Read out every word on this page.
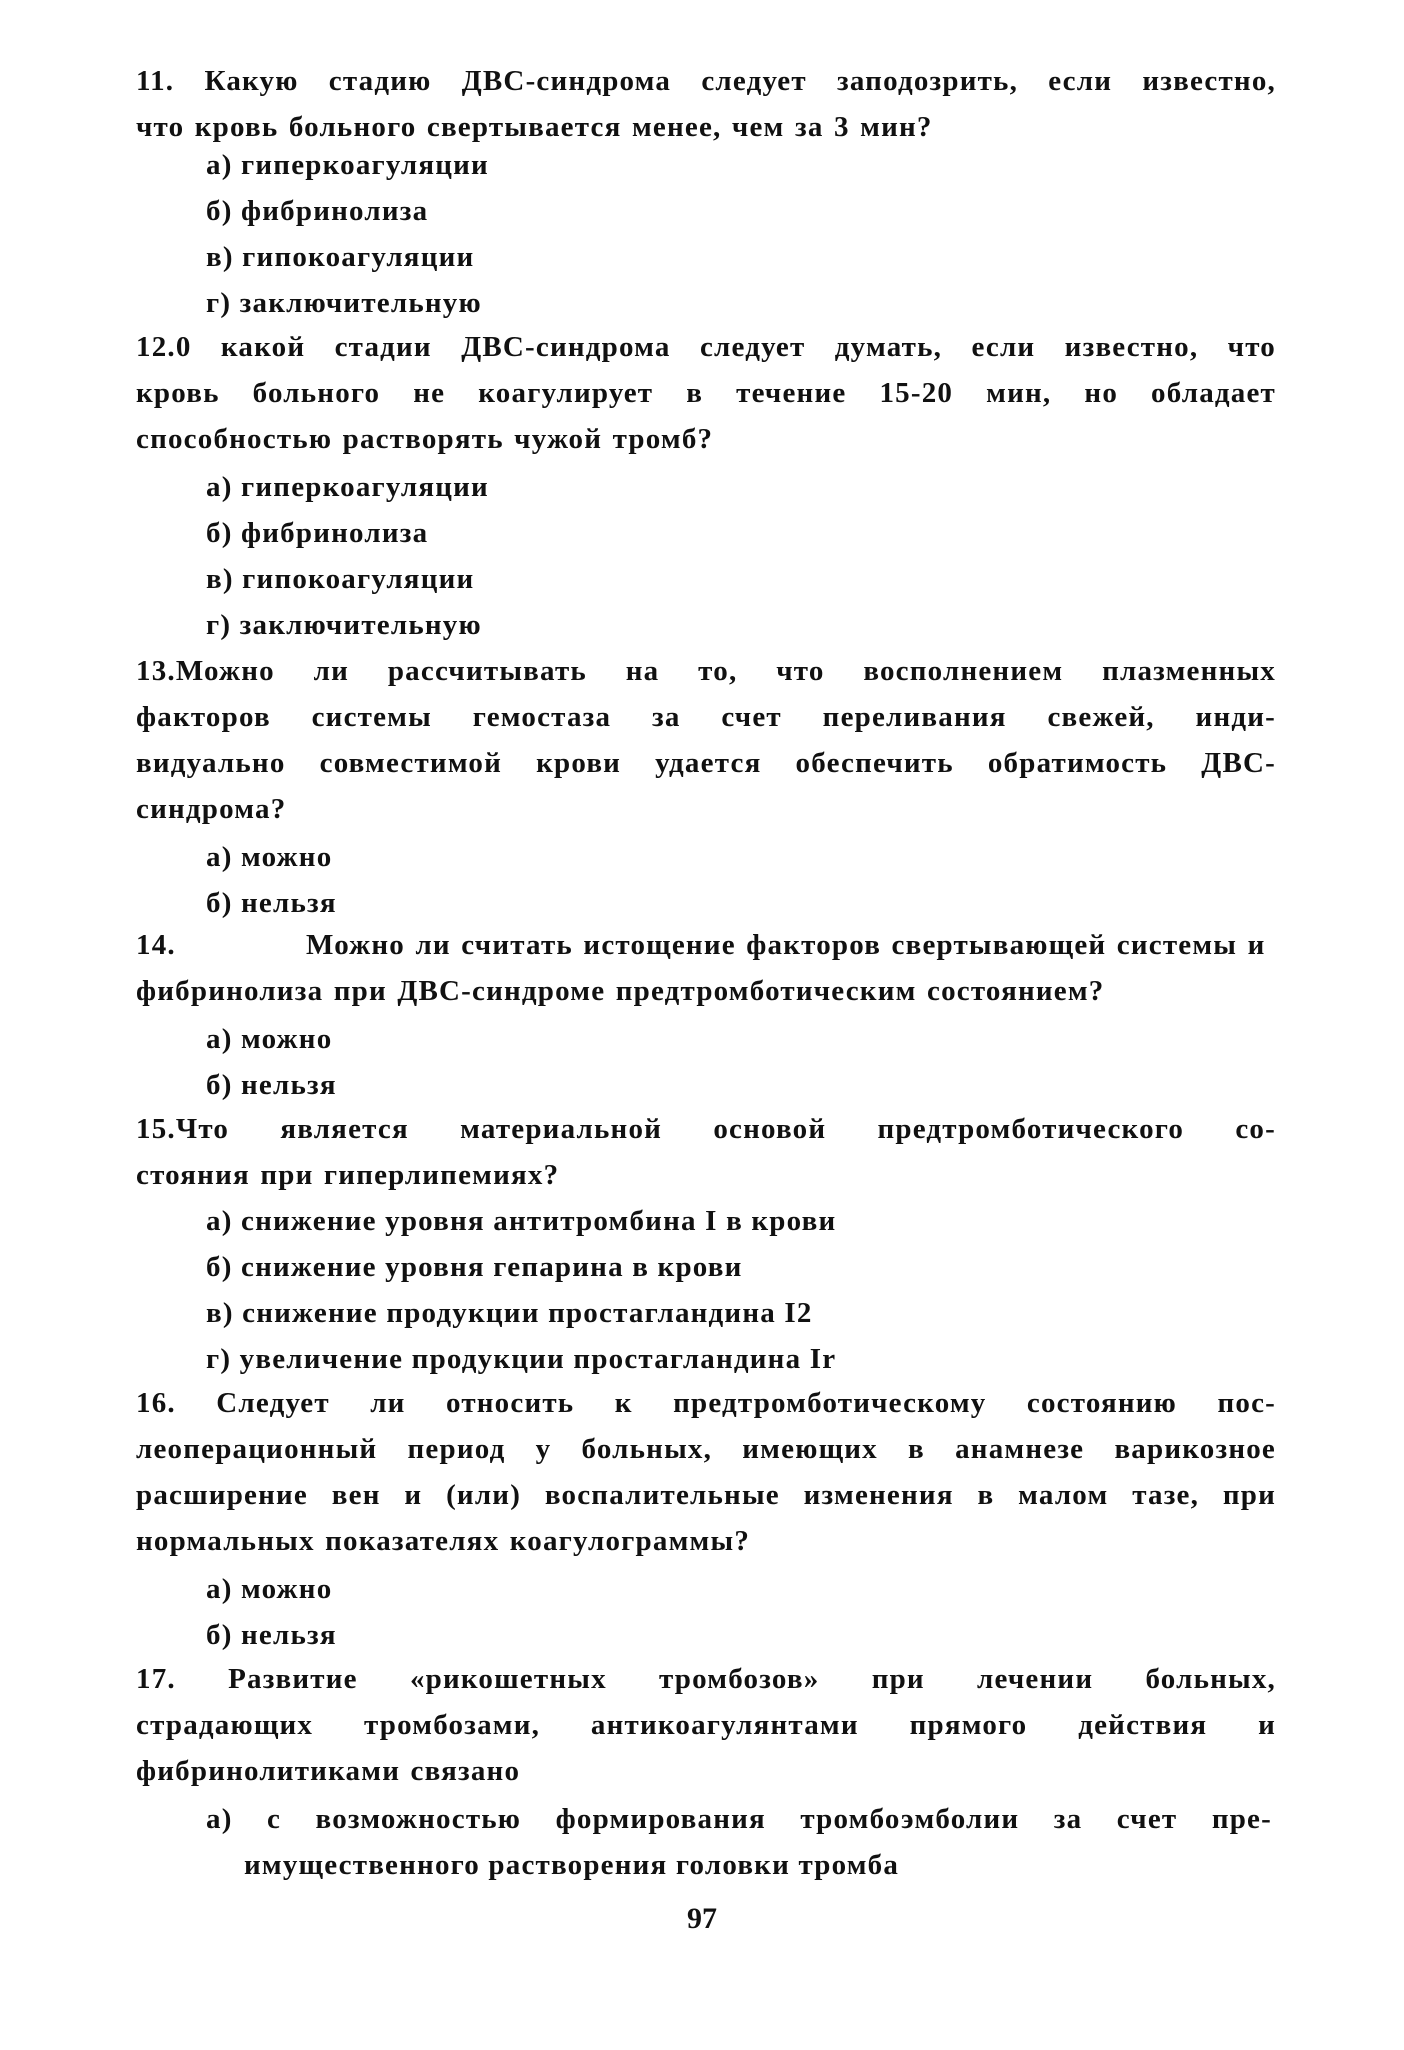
11. Какую стадию ДВС-синдрома следует заподозрить, если известно,
что кровь больного свертывается менее, чем за 3 мин?
а) гиперкоагуляции
б) фибринолиза
в) гипокоагуляции
г) заключительную
12.0 какой стадии ДВС-синдрома следует думать, если известно, что
кровь больного не коагулирует в течение 15-20 мин, но обладает
способностью растворять чужой тромб?
а) гиперкоагуляции
б) фибринолиза
в) гипокоагуляции
г) заключительную
13.Можно ли рассчитывать на то, что восполнением плазменных
факторов системы гемостаза за счет переливания свежей, инди-
видуально совместимой крови удается обеспечить обратимость ДВС-
синдрома?
а) можно
б) нельзя
14.	Можно ли считать истощение факторов свертывающей системы и
фибринолиза при ДВС-синдроме предтромботическим состоянием?
а) можно
б) нельзя
15.Что является материальной основой предтромботического со-
стояния при гиперлипемиях?
а) снижение уровня антитромбина I в крови
б) снижение уровня гепарина в крови
в) снижение продукции простагландина I2
г) увеличение продукции простагландина Ir
16. Следует ли относить к предтромботическому состоянию пос-
леоперационный период у больных, имеющих в анамнезе варикозное
расширение вен и (или) воспалительные изменения в малом тазе, при
нормальных показателях коагулограммы?
а) можно
б) нельзя
17. Развитие «рикошетных тромбозов» при лечении больных,
страдающих тромбозами, антикоагулянтами прямого действия и
фибринолитиками связано
а) с возможностью формирования тромбоэмболии за счет пре-
имущественного растворения головки тромба
97
